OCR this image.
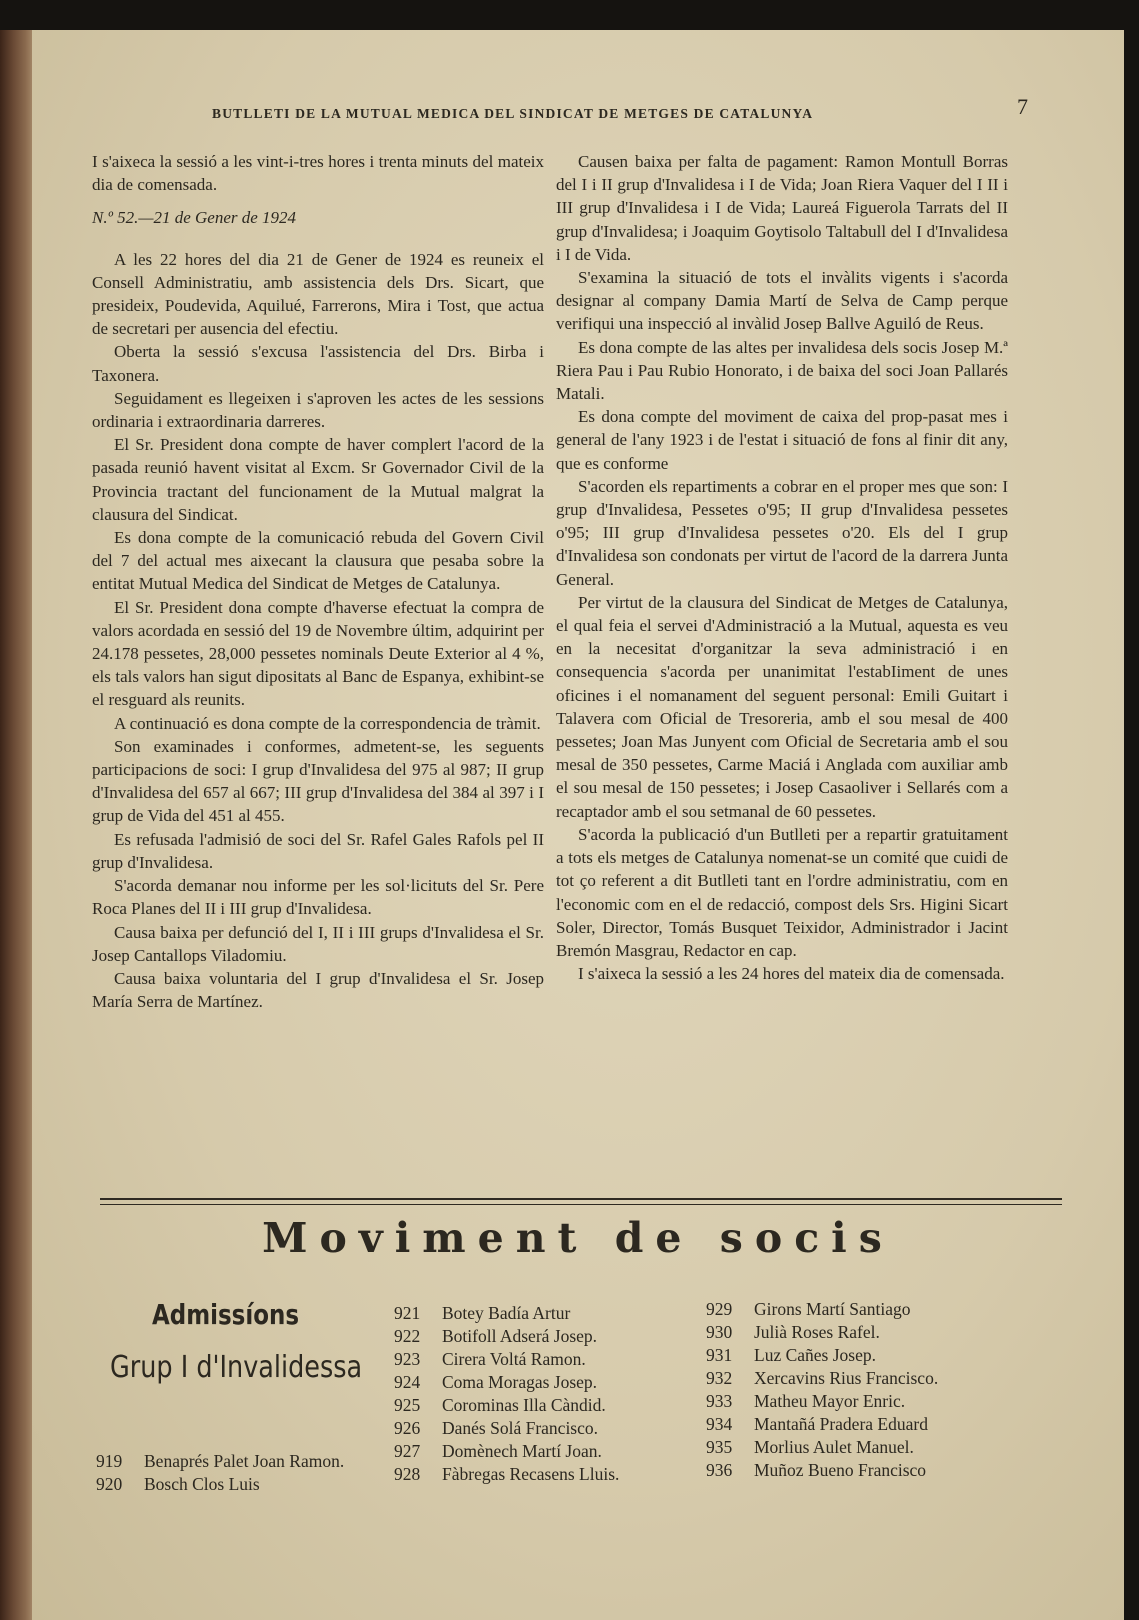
BUTLLETI DE LA MUTUAL MEDICA DEL SINDICAT DE METGES DE CATALUNYA	7

I s'aixeca la sessió a les vint-i-tres hores i trenta minuts del mateix dia de comensada.

N.º 52.—21 de Gener de 1924

A les 22 hores del dia 21 de Gener de 1924 es reuneix el Consell Administratiu, amb assistencia dels Drs. Sicart, que presideix, Poudevida, Aquilué, Farrerons, Mira i Tost, que actua de secretari per ausencia del efectiu.

Oberta la sessió s'excusa l'assistencia del Drs. Birba i Taxonera.

Seguidament es llegeixen i s'aproven les actes de les sessions ordinaria i extraordinaria darreres.

El Sr. President dona compte de haver complert l'acord de la pasada reunió havent visitat al Excm. Sr Governador Civil de la Provincia tractant del funcionament de la Mutual malgrat la clausura del Sindicat.

Es dona compte de la comunicació rebuda del Govern Civil del 7 del actual mes aixecant la clausura que pesaba sobre la entitat Mutual Medica del Sindicat de Metges de Catalunya.

El Sr. President dona compte d'haverse efectuat la compra de valors acordada en sessió del 19 de Novembre últim, adquirint per 24.178 pessetes, 28,000 pessetes nominals Deute Exterior al 4 %, els tals valors han sigut dipositats al Banc de Espanya, exhibint-se el resguard als reunits.

A continuació es dona compte de la correspondencia de tràmit.

Son examinades i conformes, admetent-se, les seguents participacions de soci: I grup d'Invalidesa del 975 al 987; II grup d'Invalidesa del 657 al 667; III grup d'Invalidesa del 384 al 397 i I grup de Vida del 451 al 455.

Es refusada l'admisió de soci del Sr. Rafel Gales Rafols pel II grup d'Invalidesa.

S'acorda demanar nou informe per les sol·licituts del Sr. Pere Roca Planes del II i III grup d'Invalidesa.

Causa baixa per defunció del I, II i III grups d'Invalidesa el Sr. Josep Cantallops Viladomiu.

Causa baixa voluntaria del I grup d'Invalidesa el Sr. Josep María Serra de Martínez.

Causen baixa per falta de pagament: Ramon Montull Borras del I i II grup d'Invalidesa i I de Vida; Joan Riera Vaquer del I II i III grup d'Invalidesa i I de Vida; Laureá Figuerola Tarrats del II grup d'Invalidesa; i Joaquim Goytisolo Taltabull del I d'Invalidesa i I de Vida.

S'examina la situació de tots el invàlits vigents i s'acorda designar al company Damia Martí de Selva de Camp perque verifiqui una inspecció al invàlid Josep Ballve Aguiló de Reus.

Es dona compte de las altes per invalidesa dels socis Josep M.ª Riera Pau i Pau Rubio Honorato, i de baixa del soci Joan Pallarés Matali.

Es dona compte del moviment de caixa del prop-pasat mes i general de l'any 1923 i de l'estat i situació de fons al finir dit any, que es conforme

S'acorden els repartiments a cobrar en el proper mes que son: I grup d'Invalidesa, Pessetes o'95; II grup d'Invalidesa pessetes o'95; III grup d'Invalidesa pessetes o'20. Els del I grup d'Invalidesa son condonats per virtut de l'acord de la darrera Junta General.

Per virtut de la clausura del Sindicat de Metges de Catalunya, el qual feia el servei d'Administració a la Mutual, aquesta es veu en la necesitat d'organitzar la seva administració i en consequencia s'acorda per unanimitat l'estabIiment de unes oficines i el nomanament del seguent personal: Emili Guitart i Talavera com Oficial de Tresoreria, amb el sou mesal de 400 pessetes; Joan Mas Junyent com Oficial de Secretaria amb el sou mesal de 350 pessetes, Carme Maciá i Anglada com auxiliar amb el sou mesal de 150 pessetes; i Josep Casaoliver i Sellarés com a recaptador amb el sou setmanal de 60 pessetes.

S'acorda la publicació d'un Butlleti per a repartir gratuitament a tots els metges de Catalunya nomenat-se un comité que cuidi de tot ço referent a dit Butlleti tant en l'ordre administratiu, com en l'economic com en el de redacció, compost dels Srs. Higini Sicart Soler, Director, Tomás Busquet Teixidor, Administrador i Jacint Bremón Masgrau, Redactor en cap.

I s'aixeca la sessió a les 24 hores del mateix dia de comensada.

Moviment de socis
Admissíons
Grup I d'Invalidessa
919	Benaprés Palet Joan Ramon.
920	Bosch Clos Luis
921	Botey Badía Artur
922	Botifoll Adserá Josep.
923	Cirera Voltá Ramon.
924	Coma Moragas Josep.
925	Corominas Illa Càndid.
926	Danés Solá Francisco.
927	Domènech Martí Joan.
928	Fàbregas Recasens Lluis.
929	Girons Martí Santiago
930	Julià Roses Rafel.
931	Luz Cañes Josep.
932	Xercavins Rius Francisco.
933	Matheu Mayor Enric.
934	Mantañá Pradera Eduard
935	Morlius Aulet Manuel.
936	Muñoz Bueno Francisco
